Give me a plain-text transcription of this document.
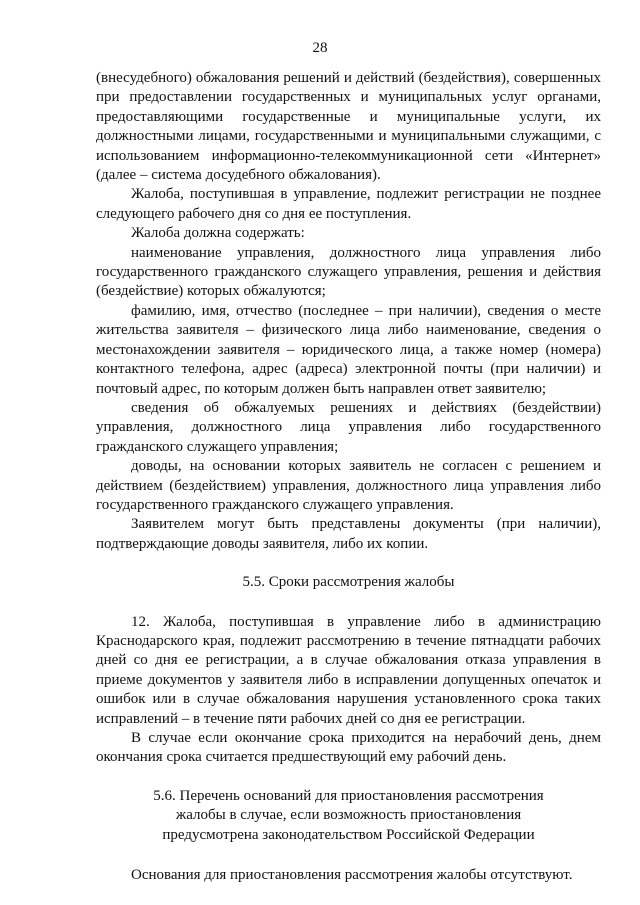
28

(внесудебного) обжалования решений и действий (бездействия), совершенных при предоставлении государственных и муниципальных услуг органами, предоставляющими государственные и муниципальные услуги, их должностными лицами, государственными и муниципальными служащими, с использованием информационно-телекоммуникационной сети «Интернет» (далее – система досудебного обжалования).

Жалоба, поступившая в управление, подлежит регистрации не позднее следующего рабочего дня со дня ее поступления.

Жалоба должна содержать:

наименование управления, должностного лица управления либо государственного гражданского служащего управления, решения и действия (бездействие) которых обжалуются;

фамилию, имя, отчество (последнее – при наличии), сведения о месте жительства заявителя – физического лица либо наименование, сведения о местонахождении заявителя – юридического лица, а также номер (номера) контактного телефона, адрес (адреса) электронной почты (при наличии) и почтовый адрес, по которым должен быть направлен ответ заявителю;

сведения об обжалуемых решениях и действиях (бездействии) управления, должностного лица управления либо государственного гражданского служащего управления;

доводы, на основании которых заявитель не согласен с решением и действием (бездействием) управления, должностного лица управления либо государственного гражданского служащего управления.

Заявителем могут быть представлены документы (при наличии), подтверждающие доводы заявителя, либо их копии.

5.5. Сроки рассмотрения жалобы

12. Жалоба, поступившая в управление либо в администрацию Краснодарского края, подлежит рассмотрению в течение пятнадцати рабочих дней со дня ее регистрации, а в случае обжалования отказа управления в приеме документов у заявителя либо в исправлении допущенных опечаток и ошибок или в случае обжалования нарушения установленного срока таких исправлений – в течение пяти рабочих дней со дня ее регистрации.

В случае если окончание срока приходится на нерабочий день, днем окончания срока считается предшествующий ему рабочий день.

5.6. Перечень оснований для приостановления рассмотрения
жалобы в случае, если возможность приостановления
предусмотрена законодательством Российской Федерации

Основания для приостановления рассмотрения жалобы отсутствуют.
